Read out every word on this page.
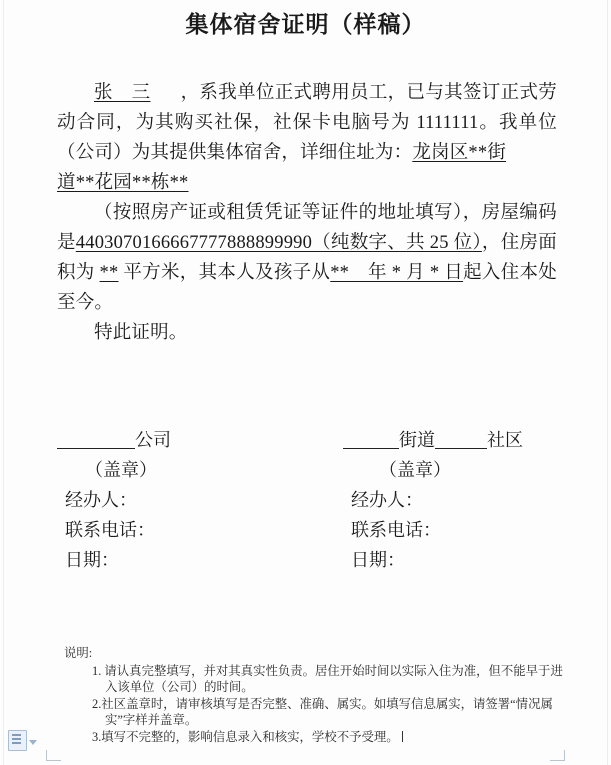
集体宿舍证明（样稿）

张　三 ，系我单位正式聘用员工，已与其签订正式劳动合同，为其购买社保，社保卡电脑号为 1111111。我单位（公司）为其提供集体宿舍，详细住址为：龙岗区**街

道**花园**栋**

（按照房产证或租赁凭证等证件的地址填写），房屋编码是4403070166667777888899990（纯数字、共 25 位），住房面积为 ** 平方米，其本人及孩子从**　年 * 月 * 日起入住本处至今。

特此证明。

公司	街道	社区
（盖章）	（盖章）
经办人：	经办人：
联系电话：	联系电话：
日期：	日期：

说明:

1. 请认真完整填写，并对其真实性负责。居住开始时间以实际入住为准，但不能早于进入该单位（公司）的时间。
2.社区盖章时，请审核填写是否完整、准确、属实。如填写信息属实，请签署“情况属实”字样并盖章。
3.填写不完整的，影响信息录入和核实，学校不予受理。
